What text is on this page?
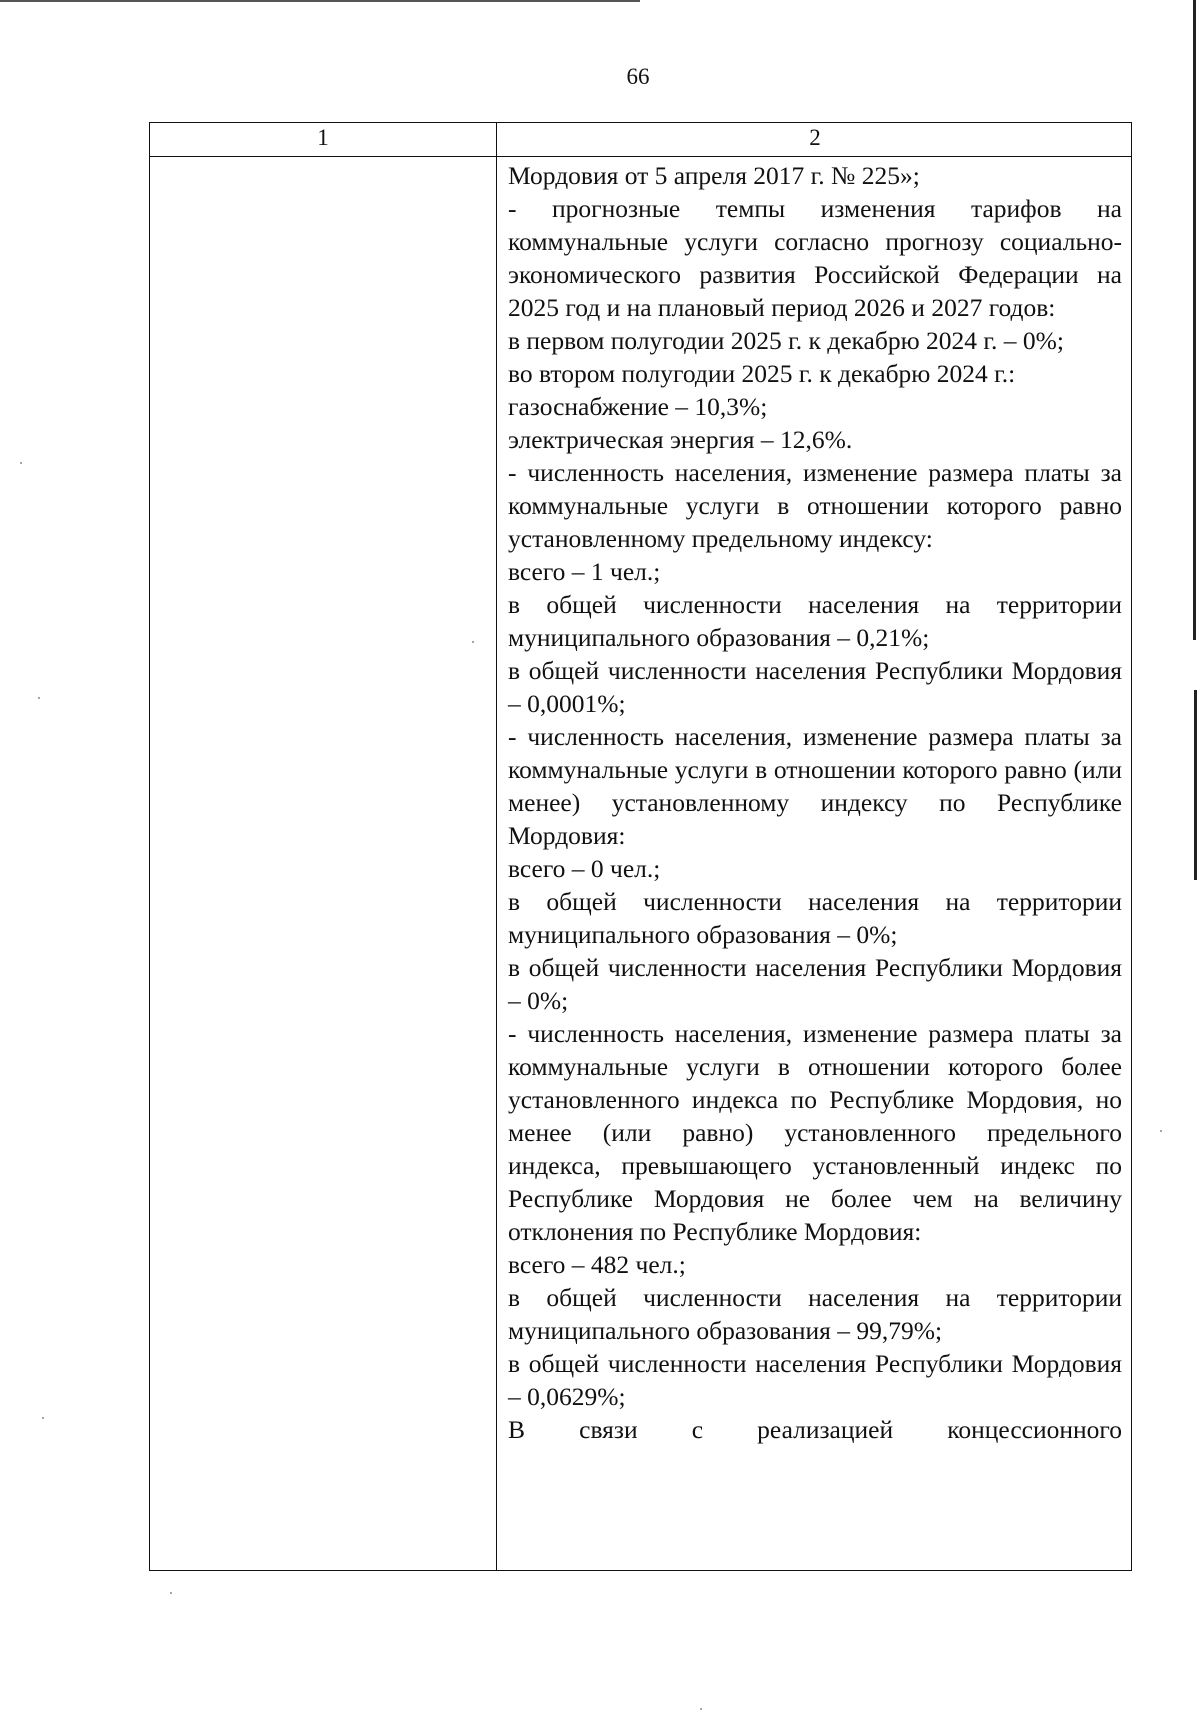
66
1	2

Мордовия от 5 апреля 2017 г. № 225»;

- прогнозные темпы изменения тарифов на коммунальные услуги согласно прогнозу социально-экономического развития Российской Федерации на 2025 год и на плановый период 2026 и 2027 годов:

в первом полугодии 2025 г. к декабрю 2024 г. – 0%;

во втором полугодии 2025 г. к декабрю 2024 г.:

газоснабжение – 10,3%;

электрическая энергия – 12,6%.

- численность населения, изменение размера платы за коммунальные услуги в отношении которого равно установленному предельному индексу:

всего – 1 чел.;

в общей численности населения на территории муниципального образования – 0,21%;

в общей численности населения Республики Мордовия – 0,0001%;

- численность населения, изменение размера платы за коммунальные услуги в отношении которого равно (или менее) установленному индексу по Республике Мордовия:

всего – 0 чел.;

в общей численности населения на территории муниципального образования – 0%;

в общей численности населения Республики Мордовия – 0%;

- численность населения, изменение размера платы за коммунальные услуги в отношении которого более установленного индекса по Республике Мордовия, но менее (или равно) установленного предельного индекса, превышающего установленный индекс по Республике Мордовия не более чем на величину отклонения по Республике Мордовия:

всего – 482 чел.;

в общей численности населения на территории муниципального образования – 99,79%;

в общей численности населения Республики Мордовия – 0,0629%;

В связи с реализацией концессионного
